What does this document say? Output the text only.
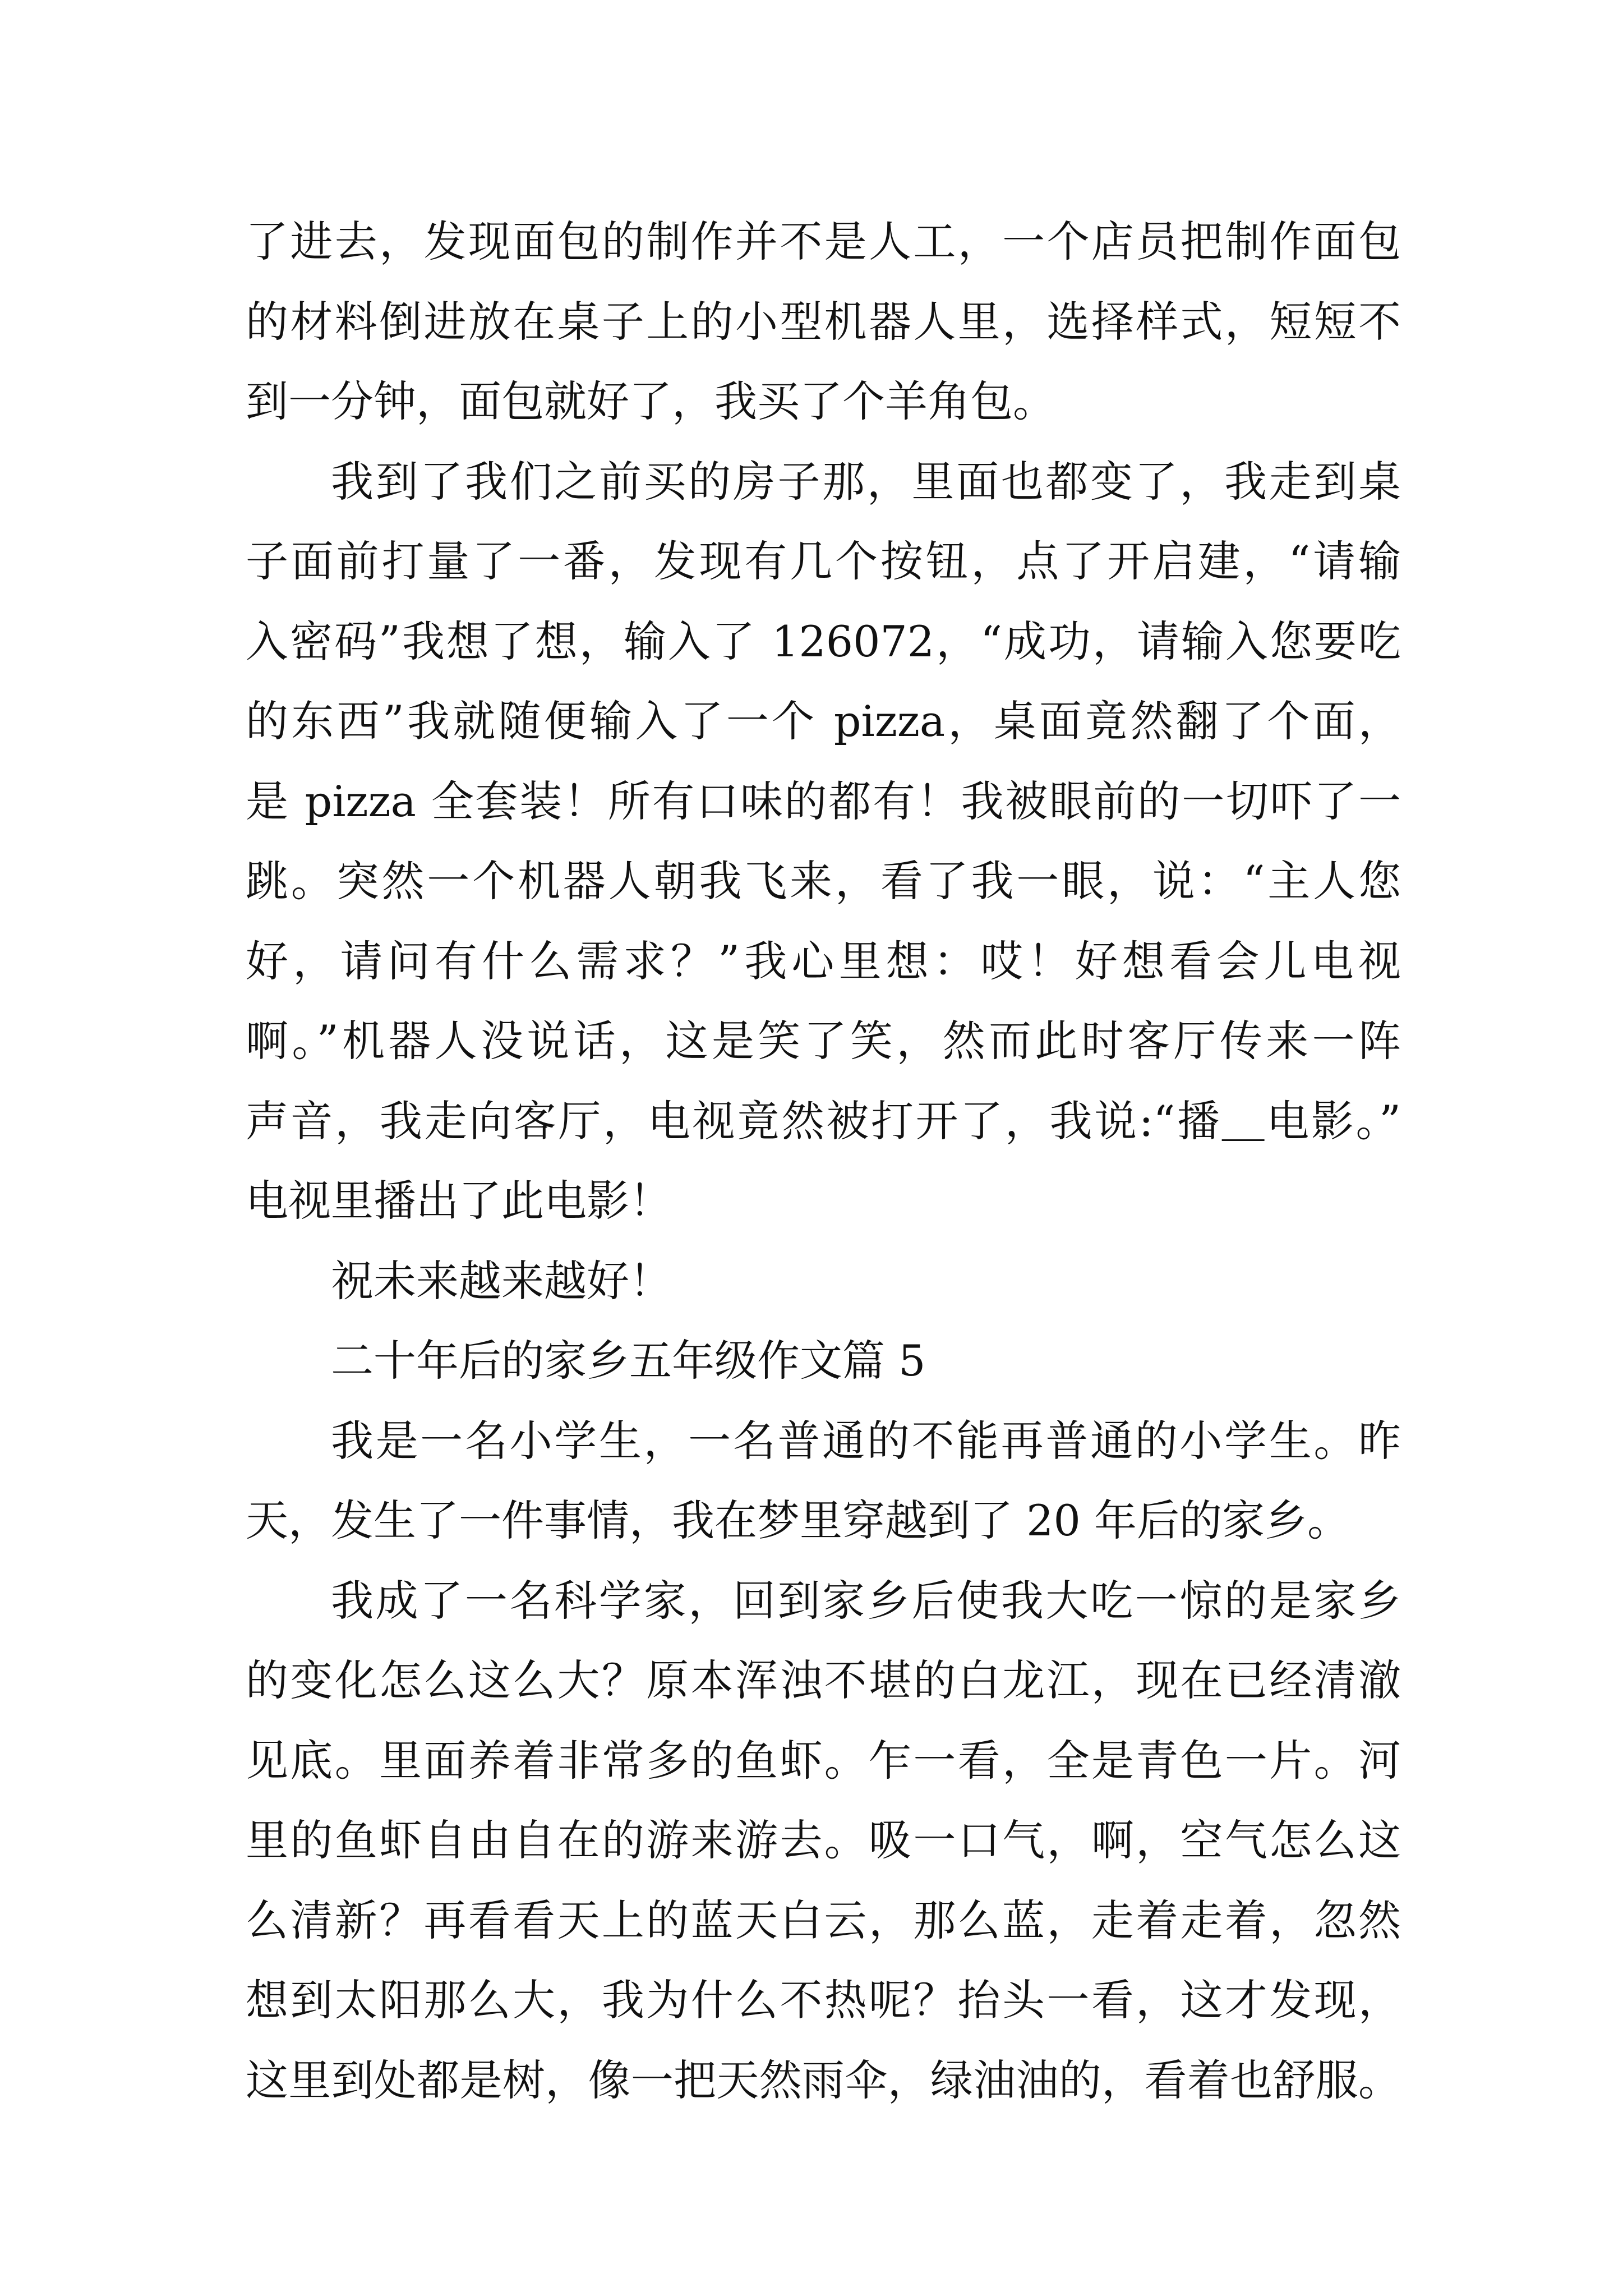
了进去，发现面包的制作并不是人工，一个店员把制作面包
的材料倒进放在桌子上的小型机器人里，选择样式，短短不
到一分钟，面包就好了，我买了个羊角包。
我到了我们之前买的房子那，里面也都变了，我走到桌
子面前打量了一番，发现有几个按钮，点了开启建，“请输
入密码”我想了想，输入了 126072，“成功，请输入您要吃
的东西”我就随便输入了一个 pizza，桌面竟然翻了个面，
是 pizza 全套装！所有口味的都有！我被眼前的一切吓了一
跳。突然一个机器人朝我飞来，看了我一眼，说：“主人您
好，请问有什么需求？”我心里想：哎！好想看会儿电视
啊。”机器人没说话，这是笑了笑，然而此时客厅传来一阵
声音，我走向客厅，电视竟然被打开了，我说:“播＿电影。”
电视里播出了此电影！
祝未来越来越好！
二十年后的家乡五年级作文篇 5
我是一名小学生，一名普通的不能再普通的小学生。昨
天，发生了一件事情，我在梦里穿越到了 20 年后的家乡。
我成了一名科学家，回到家乡后使我大吃一惊的是家乡
的变化怎么这么大？原本浑浊不堪的白龙江，现在已经清澈
见底。里面养着非常多的鱼虾。乍一看，全是青色一片。河
里的鱼虾自由自在的游来游去。吸一口气，啊，空气怎么这
么清新？再看看天上的蓝天白云，那么蓝，走着走着，忽然
想到太阳那么大，我为什么不热呢？抬头一看，这才发现，
这里到处都是树，像一把天然雨伞，绿油油的，看着也舒服。
